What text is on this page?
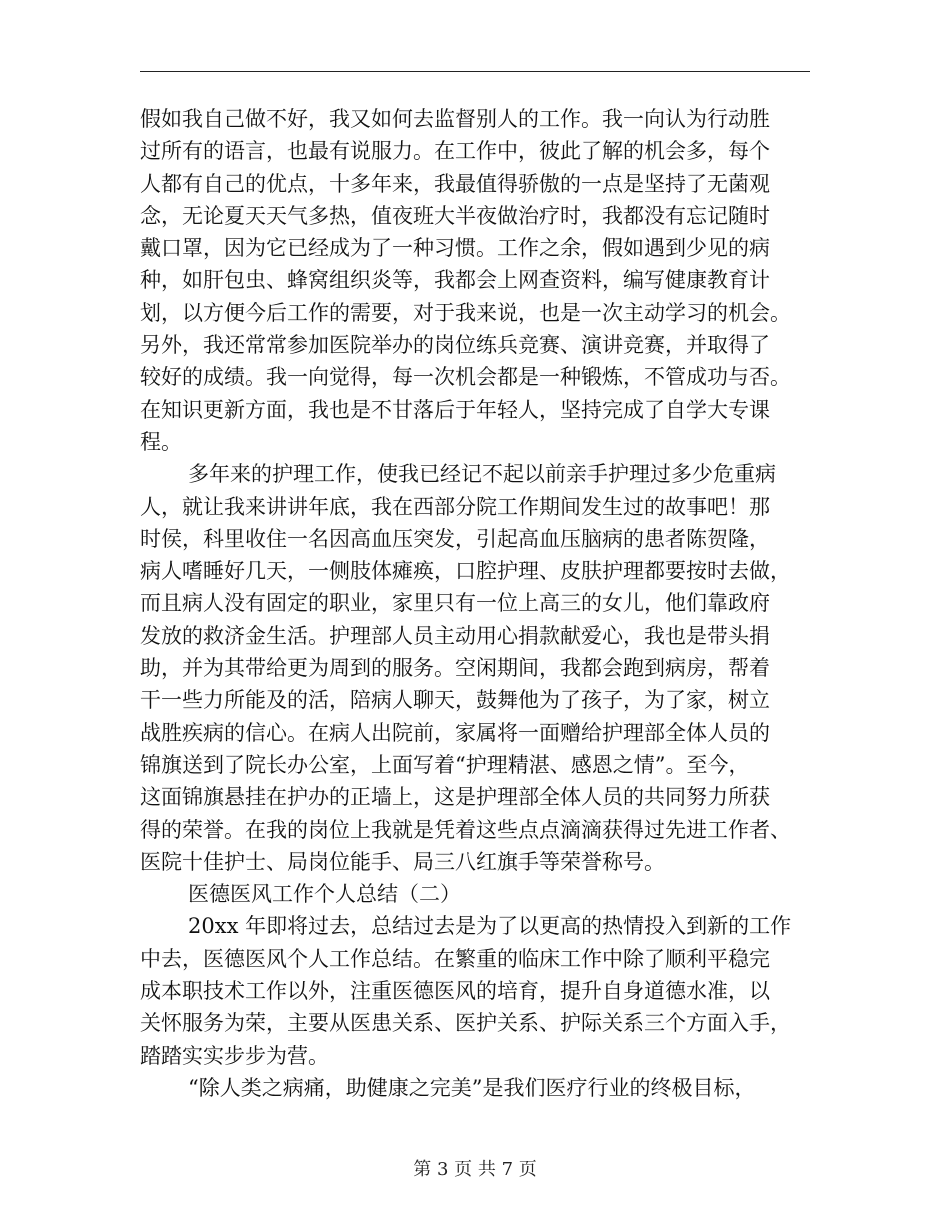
假如我自己做不好，我又如何去监督别人的工作。我一向认为行动胜
过所有的语言，也最有说服力。在工作中，彼此了解的机会多，每个
人都有自己的优点，十多年来，我最值得骄傲的一点是坚持了无菌观
念，无论夏天天气多热，值夜班大半夜做治疗时，我都没有忘记随时
戴口罩，因为它已经成为了一种习惯。工作之余，假如遇到少见的病
种，如肝包虫、蜂窝组织炎等，我都会上网查资料，编写健康教育计
划，以方便今后工作的需要，对于我来说，也是一次主动学习的机会。
另外，我还常常参加医院举办的岗位练兵竞赛、演讲竞赛，并取得了
较好的成绩。我一向觉得，每一次机会都是一种锻炼，不管成功与否。
在知识更新方面，我也是不甘落后于年轻人，坚持完成了自学大专课
程。
多年来的护理工作，使我已经记不起以前亲手护理过多少危重病
人，就让我来讲讲年底，我在西部分院工作期间发生过的故事吧！那
时侯，科里收住一名因高血压突发，引起高血压脑病的患者陈贺隆，
病人嗜睡好几天，一侧肢体瘫痪，口腔护理、皮肤护理都要按时去做，
而且病人没有固定的职业，家里只有一位上高三的女儿，他们靠政府
发放的救济金生活。护理部人员主动用心捐款献爱心，我也是带头捐
助，并为其带给更为周到的服务。空闲期间，我都会跑到病房，帮着
干一些力所能及的活，陪病人聊天，鼓舞他为了孩子，为了家，树立
战胜疾病的信心。在病人出院前，家属将一面赠给护理部全体人员的
锦旗送到了院长办公室，上面写着“护理精湛、感恩之情”。至今，
这面锦旗悬挂在护办的正墙上，这是护理部全体人员的共同努力所获
得的荣誉。在我的岗位上我就是凭着这些点点滴滴获得过先进工作者、
医院十佳护士、局岗位能手、局三八红旗手等荣誉称号。
医德医风工作个人总结（二）
20xx 年即将过去，总结过去是为了以更高的热情投入到新的工作
中去，医德医风个人工作总结。在繁重的临床工作中除了顺利平稳完
成本职技术工作以外，注重医德医风的培育，提升自身道德水准，以
关怀服务为荣，主要从医患关系、医护关系、护际关系三个方面入手，
踏踏实实步步为营。
“除人类之病痛，助健康之完美”是我们医疗行业的终极目标，
第 3 页 共 7 页
